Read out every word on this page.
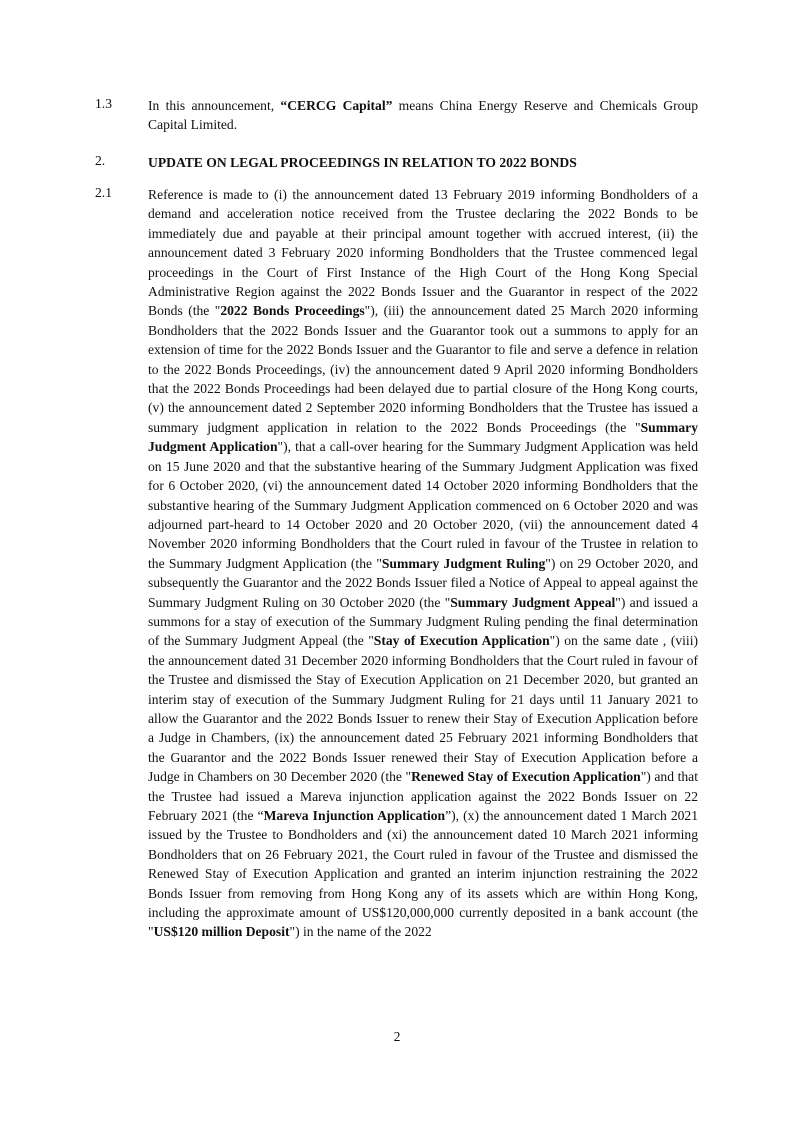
1.3	In this announcement, “CERCG Capital” means China Energy Reserve and Chemicals Group Capital Limited.
2.	UPDATE ON LEGAL PROCEEDINGS IN RELATION TO 2022 BONDS
2.1	Reference is made to (i) the announcement dated 13 February 2019 informing Bondholders of a demand and acceleration notice received from the Trustee declaring the 2022 Bonds to be immediately due and payable at their principal amount together with accrued interest, (ii) the announcement dated 3 February 2020 informing Bondholders that the Trustee commenced legal proceedings in the Court of First Instance of the High Court of the Hong Kong Special Administrative Region against the 2022 Bonds Issuer and the Guarantor in respect of the 2022 Bonds (the "2022 Bonds Proceedings"), (iii) the announcement dated 25 March 2020 informing Bondholders that the 2022 Bonds Issuer and the Guarantor took out a summons to apply for an extension of time for the 2022 Bonds Issuer and the Guarantor to file and serve a defence in relation to the 2022 Bonds Proceedings, (iv) the announcement dated 9 April 2020 informing Bondholders that the 2022 Bonds Proceedings had been delayed due to partial closure of the Hong Kong courts, (v) the announcement dated 2 September 2020 informing Bondholders that the Trustee has issued a summary judgment application in relation to the 2022 Bonds Proceedings (the "Summary Judgment Application"), that a call-over hearing for the Summary Judgment Application was held on 15 June 2020 and that the substantive hearing of the Summary Judgment Application was fixed for 6 October 2020, (vi) the announcement dated 14 October 2020 informing Bondholders that the substantive hearing of the Summary Judgment Application commenced on 6 October 2020 and was adjourned part-heard to 14 October 2020 and 20 October 2020, (vii) the announcement dated 4 November 2020 informing Bondholders that the Court ruled in favour of the Trustee in relation to the Summary Judgment Application (the "Summary Judgment Ruling") on 29 October 2020, and subsequently the Guarantor and the 2022 Bonds Issuer filed a Notice of Appeal to appeal against the Summary Judgment Ruling on 30 October 2020 (the "Summary Judgment Appeal") and issued a summons for a stay of execution of the Summary Judgment Ruling pending the final determination of the Summary Judgment Appeal (the "Stay of Execution Application") on the same date , (viii) the announcement dated 31 December 2020 informing Bondholders that the Court ruled in favour of the Trustee and dismissed the Stay of Execution Application on 21 December 2020, but granted an interim stay of execution of the Summary Judgment Ruling for 21 days until 11 January 2021 to allow the Guarantor and the 2022 Bonds Issuer to renew their Stay of Execution Application before a Judge in Chambers, (ix) the announcement dated 25 February 2021 informing Bondholders that the Guarantor and the 2022 Bonds Issuer renewed their Stay of Execution Application before a Judge in Chambers on 30 December 2020 (the "Renewed Stay of Execution Application") and that the Trustee had issued a Mareva injunction application against the 2022 Bonds Issuer on 22 February 2021 (the “Mareva Injunction Application”), (x) the announcement dated 1 March 2021 issued by the Trustee to Bondholders and (xi) the announcement dated 10 March 2021 informing Bondholders that on 26 February 2021, the Court ruled in favour of the Trustee and dismissed the Renewed Stay of Execution Application and granted an interim injunction restraining the 2022 Bonds Issuer from removing from Hong Kong any of its assets which are within Hong Kong, including the approximate amount of US$120,000,000 currently deposited in a bank account (the "US$120 million Deposit") in the name of the 2022
2
